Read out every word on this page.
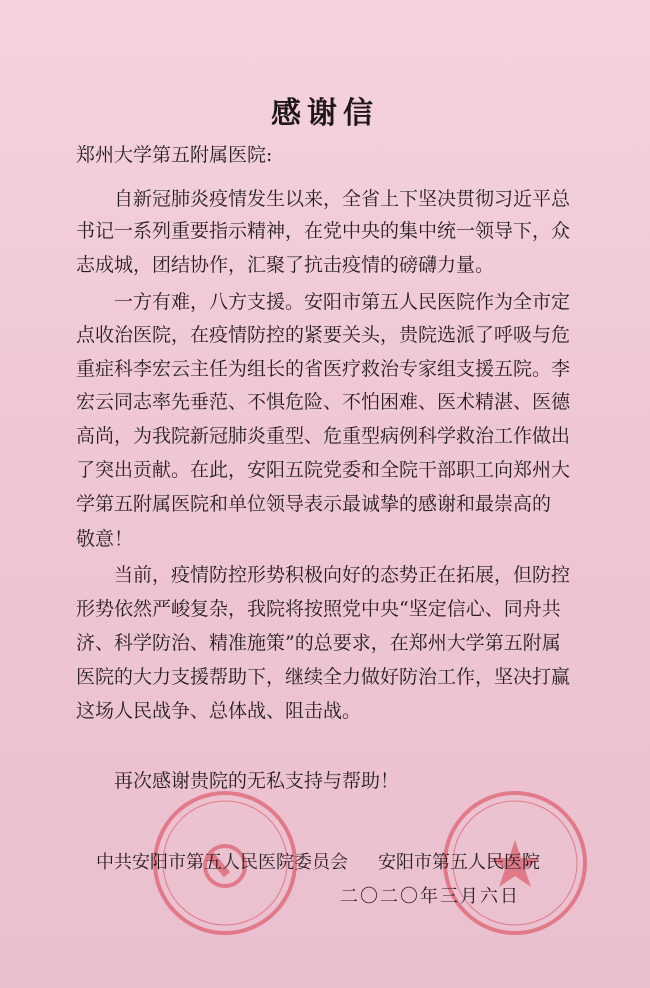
感谢信
郑州大学第五附属医院:
自新冠肺炎疫情发生以来，全省上下坚决贯彻习近平总
书记一系列重要指示精神，在党中央的集中统一领导下，众
志成城，团结协作，汇聚了抗击疫情的磅礴力量。
一方有难，八方支援。安阳市第五人民医院作为全市定
点收治医院，在疫情防控的紧要关头，贵院选派了呼吸与危
重症科李宏云主任为组长的省医疗救治专家组支援五院。李
宏云同志率先垂范、不惧危险、不怕困难、医术精湛、医德
高尚，为我院新冠肺炎重型、危重型病例科学救治工作做出
了突出贡献。在此，安阳五院党委和全院干部职工向郑州大
学第五附属医院和单位领导表示最诚挚的感谢和最崇高的
敬意！
当前，疫情防控形势积极向好的态势正在拓展，但防控
形势依然严峻复杂，我院将按照党中央“坚定信心、同舟共
济、科学防治、精准施策”的总要求，在郑州大学第五附属
医院的大力支援帮助下，继续全力做好防治工作，坚决打赢
这场人民战争、总体战、阻击战。
再次感谢贵院的无私支持与帮助！
中共安阳市第五人民医院委员会 安阳市第五人民医院
二〇二〇年三月六日
